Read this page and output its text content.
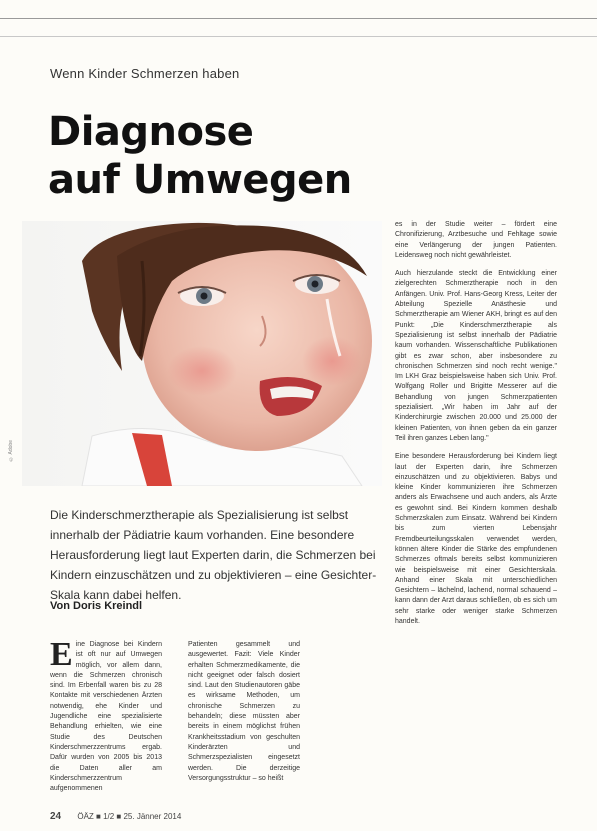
Wenn Kinder Schmerzen haben
Diagnose
auf Umwegen
© Adobe

Die Kinderschmerztherapie als Spezialisierung ist selbst innerhalb der Pädiatrie kaum vorhanden. Eine besondere Herausforderung liegt laut Experten darin, die Schmerzen bei Kindern einzuschätzen und zu objektivieren – eine Gesichter-Skala kann dabei helfen.

Von Doris Kreindl

Eine Diagnose bei Kindern ist oft nur auf Umwegen möglich, vor allem dann, wenn die Schmerzen chronisch sind. Im Erbenfall waren bis zu 28 Kontakte mit verschiedenen Ärzten notwendig, ehe Kinder und Jugendliche eine spezialisierte Behandlung erhielten, wie eine Studie des Deutschen Kinderschmerzzentrums ergab. Dafür wurden von 2005 bis 2013 die Daten aller am Kinderschmerzzentrum aufgenommenen

Patienten gesammelt und ausgewertet. Fazit: Viele Kinder erhalten Schmerzmedikamente, die nicht geeignet oder falsch dosiert sind. Laut den Studienautoren gäbe es wirksame Methoden, um chronische Schmerzen zu behandeln; diese müssten aber bereits in einem möglichst frühen Krankheitsstadium von geschulten Kinderärzten und Schmerzspezialisten eingesetzt werden. Die derzeitige Versorgungsstruktur – so heißt

es in der Studie weiter – fördert eine Chronifizierung, Arztbesuche und Fehltage sowie eine Verlängerung der jungen Patienten. Leidensweg noch nicht gewährleistet.

Auch hierzulande steckt die Entwicklung einer zielgerechten Schmerztherapie noch in den Anfängen. Univ. Prof. Hans-Georg Kress, Leiter der Abteilung Spezielle Anästhesie und Schmerztherapie am Wiener AKH, bringt es auf den Punkt: „Die Kinderschmerztherapie als Spezialisierung ist selbst innerhalb der Pädiatrie kaum vorhanden. Wissenschaftliche Publikationen gibt es zwar schon, aber insbesondere zu chronischen Schmerzen sind noch recht wenige." Im LKH Graz beispielsweise haben sich Univ. Prof. Wolfgang Roller und Brigitte Messerer auf die Behandlung von jungen Schmerzpatienten spezialisiert. „Wir haben im Jahr auf der Kinderchirurgie zwischen 20.000 und 25.000 der kleinen Patienten, von ihnen geben da ein ganzer Teil ihren ganzes Leben lang."

Eine besondere Herausforderung bei Kindern liegt laut der Experten darin, ihre Schmerzen einzuschätzen und zu objektivieren. Babys und kleine Kinder kommunizieren ihre Schmerzen anders als Erwachsene und auch anders, als Ärzte es gewohnt sind. Bei Kindern kommen deshalb Schmerzskalen zum Einsatz. Während bei Kindern bis zum vierten Lebensjahr Fremdbeurteilungsskalen verwendet werden, können ältere Kinder die Stärke des empfundenen Schmerzes oftmals bereits selbst kommunizieren wie beispielsweise mit einer Gesichterskala. Anhand einer Skala mit unterschiedlichen Gesichtern – lächelnd, lachend, normal schauend – kann dann der Arzt daraus schließen, ob es sich um sehr starke oder weniger starke Schmerzen handelt.

24 ÖÄZ ■ 1/2 ■ 25. Jänner 2014
